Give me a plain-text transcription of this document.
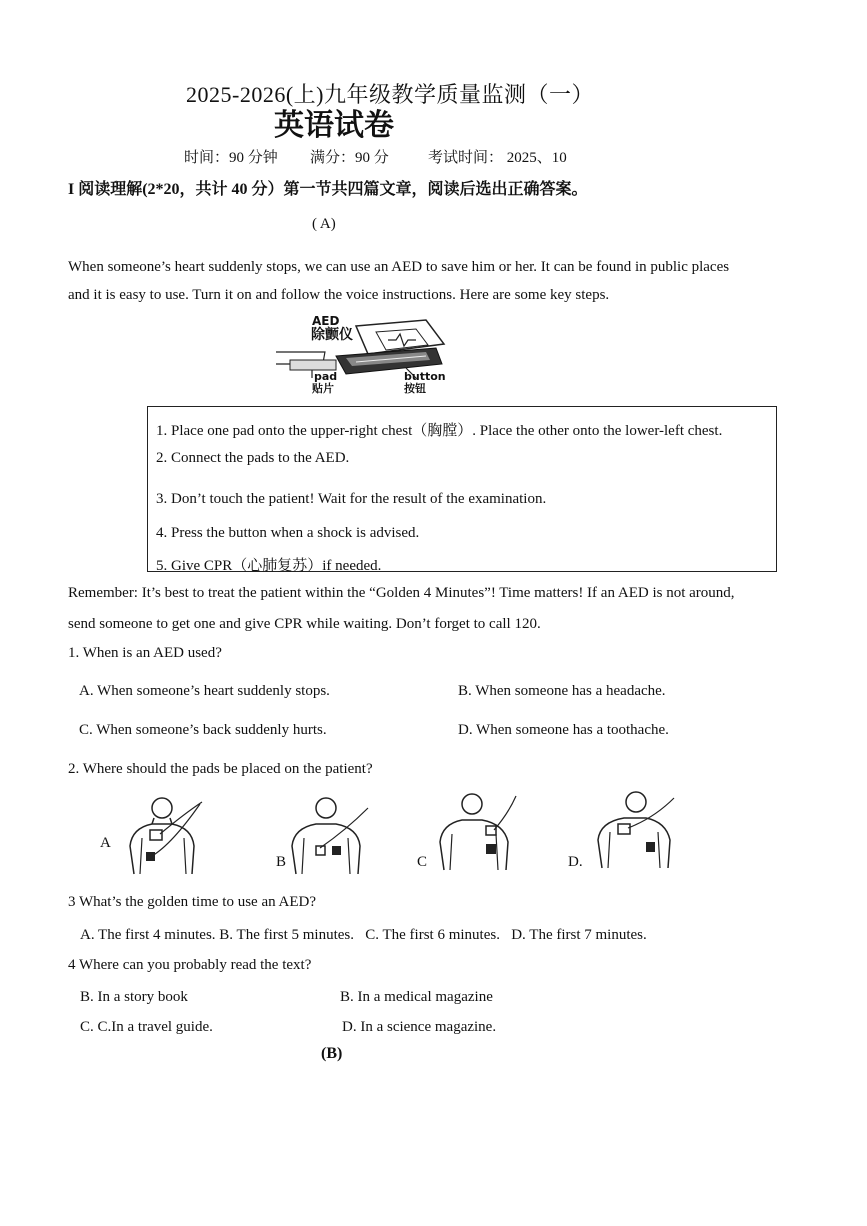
2025-2026(上)九年级教学质量监测（一）
英语试卷
时间：90 分钟 满分：90 分	考试时间： 2025、10
I 阅读理解(2*20，共计 40 分）第一节共四篇文章，阅读后选出正确答案。
( A)
When someone’s heart suddenly stops, we can use an AED to save him or her. It can be found in public places
and it is easy to use. Turn it on and follow the voice instructions. Here are some key steps.
AED
除颤仪
pad
贴片
button
按钮
1. Place one pad onto the upper-right chest（胸膛）. Place the other onto the lower-left chest.
2. Connect the pads to the AED.
3. Don’t touch the patient! Wait for the result of the examination.
4. Press the button when a shock is advised.
5. Give CPR（心肺复苏）if needed.
Remember: It’s best to treat the patient within the “Golden 4 Minutes”! Time matters! If an AED is not around,
send someone to get one and give CPR while waiting. Don’t forget to call 120.
1. When is an AED used?
A. When someone’s heart suddenly stops.	B. When someone has a headache.
C. When someone’s back suddenly hurts.	D. When someone has a toothache.
2. Where should the pads be placed on the patient?
A
B	C	D.
3 What’s the golden time to use an AED?
A. The first 4 minutes. B. The first 5 minutes.   C. The first 6 minutes.   D. The first 7 minutes.
4 Where can you probably read the text?
B. In a story book	B. In a medical magazine
C. C.In a travel guide.	D. In a science magazine.
(B)
